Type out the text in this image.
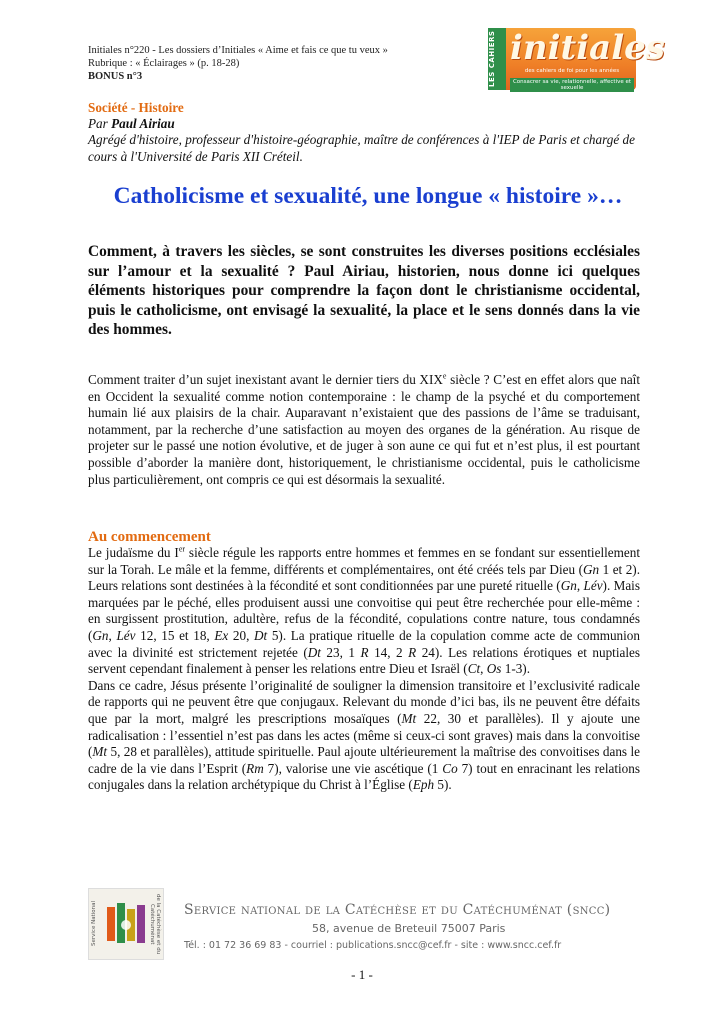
Initiales n°220 - Les dossiers d’Initiales « Aime et fais ce que tu veux »
Rubrique : « Éclairages » (p. 18-28)
BONUS n°3	LES CAHIERS initiales
des cahiers de foi pour les années
Consacrer sa vie, relationnelle, affective et sexuelle
Société - Histoire
Par Paul Airiau
Agrégé d'histoire, professeur d'histoire-géographie, maître de conférences à l'IEP de Paris et chargé de cours à l'Université de Paris XII Créteil.
Catholicisme et sexualité, une longue « histoire »…
Comment, à travers les siècles, se sont construites les diverses positions ecclésiales sur l’amour et la sexualité ? Paul Airiau, historien, nous donne ici quelques éléments historiques pour comprendre la façon dont le christianisme occidental, puis le catholicisme, ont envisagé la sexualité, la place et le sens donnés dans la vie des hommes.
Comment traiter d’un sujet inexistant avant le dernier tiers du XIXe siècle ? C’est en effet alors que naît en Occident la sexualité comme notion contemporaine : le champ de la psyché et du comportement humain lié aux plaisirs de la chair. Auparavant n’existaient que des passions de l’âme se traduisant, notamment, par la recherche d’une satisfaction au moyen des organes de la génération. Au risque de projeter sur le passé une notion évolutive, et de juger à son aune ce qui fut et n’est plus, il est pourtant possible d’aborder la manière dont, historiquement, le christianisme occidental, puis le catholicisme plus particulièrement, ont compris ce qui est désormais la sexualité.
Au commencement
Le judaïsme du Ier siècle régule les rapports entre hommes et femmes en se fondant sur essentiellement sur la Torah. Le mâle et la femme, différents et complémentaires, ont été créés tels par Dieu (Gn 1 et 2). Leurs relations sont destinées à la fécondité et sont conditionnées par une pureté rituelle (Gn, Lév). Mais marquées par le péché, elles produisent aussi une convoitise qui peut être recherchée pour elle-même : en surgissent prostitution, adultère, refus de la fécondité, copulations contre nature, tous condamnés (Gn, Lév 12, 15 et 18, Ex 20, Dt 5). La pratique rituelle de la copulation comme acte de communion avec la divinité est strictement rejetée (Dt 23, 1 R 14, 2 R 24). Les relations érotiques et nuptiales servent cependant finalement à penser les relations entre Dieu et Israël (Ct, Os 1-3).
Dans ce cadre, Jésus présente l’originalité de souligner la dimension transitoire et l’exclusivité radicale de rapports qui ne peuvent être que conjugaux. Relevant du monde d’ici bas, ils ne peuvent être défaits que par la mort, malgré les prescriptions mosaïques (Mt 22, 30 et parallèles). Il y ajoute une radicalisation : l’essentiel n’est pas dans les actes (même si ceux-ci sont graves) mais dans la convoitise (Mt 5, 28 et parallèles), attitude spirituelle. Paul ajoute ultérieurement la maîtrise des convoitises dans le cadre de la vie dans l’Esprit (Rm 7), valorise une vie ascétique (1 Co 7) tout en enracinant les relations conjugales dans la relation archétypique du Christ à l’Église (Eph 5).
Service National	de la Catéchèse et du Catéchuménat	Service national de la Catéchèse et du Catéchuménat (sncc)
58, avenue de Breteuil 75007 Paris
Tél. : 01 72 36 69 83 - courriel : publications.sncc@cef.fr - site : www.sncc.cef.fr
- 1 -
